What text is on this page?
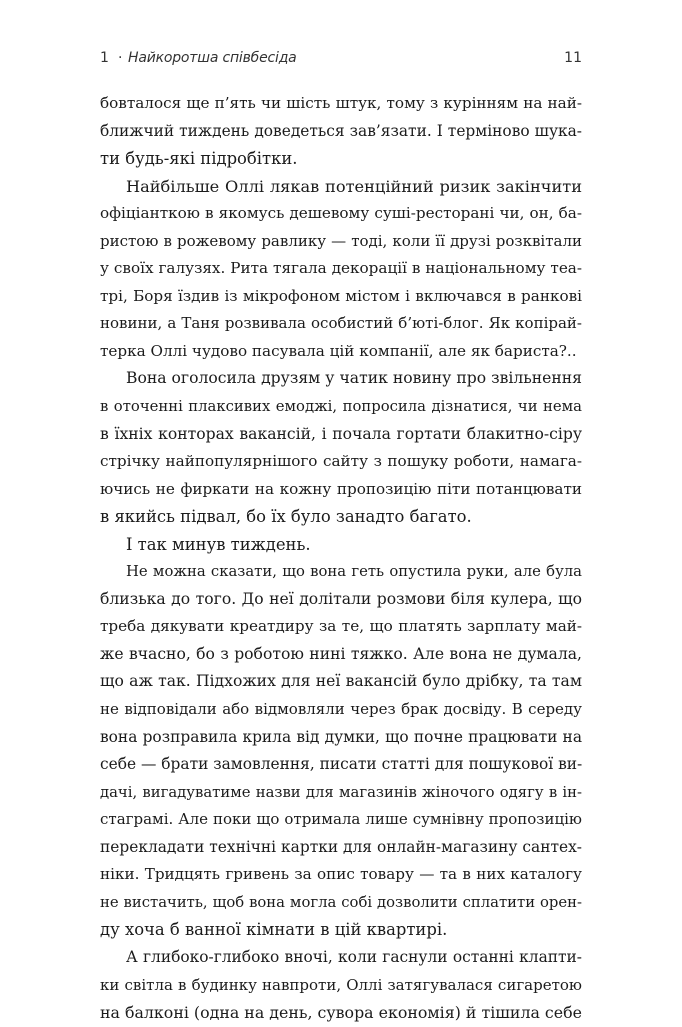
1 · Найкоротша співбесіда	11

бовталося ще п’ять чи шість штук, тому з курінням на най-

ближчий тиждень доведеться зав’язати. І терміново шука-

ти будь-які підробітки.

Найбільше Оллі лякав потенційний ризик закінчити

офіціанткою в якомусь дешевому суші-ресторані чи, он, ба-

ристою в рожевому равлику — тоді, коли її друзі розквітали

у своїх галузях. Рита тягала декорації в національному теа-

трі, Боря їздив із мікрофоном містом і включався в ранкові

новини, а Таня розвивала особистий б’юті-блог. Як копірай-

терка Оллі чудово пасувала цій компанії, але як бариста?..

Вона оголосила друзям у чатик новину про звільнення

в оточенні плаксивих емоджі, попросила дізнатися, чи нема

в їхніх конторах вакансій, і почала гортати блакитно-сіру

стрічку найпопулярнішого сайту з пошуку роботи, намага-

ючись не фиркати на кожну пропозицію піти потанцювати

в якийсь підвал, бо їх було занадто багато.

І так минув тиждень.

Не можна сказати, що вона геть опустила руки, але була

близька до того. До неї долітали розмови біля кулера, що

треба дякувати креатдиру за те, що платять зарплату май-

же вчасно, бо з роботою нині тяжко. Але вона не думала,

що аж так. Підхожих для неї вакансій було дрібку, та там

не відповідали або відмовляли через брак досвіду. В середу

вона розправила крила від думки, що почне працювати на

себе — брати замовлення, писати статті для пошукової ви-

дачі, вигадуватиме назви для магазинів жіночого одягу в ін-

стаграмі. Але поки що отримала лише сумнівну пропозицію

перекладати технічні картки для онлайн-магазину сантех-

ніки. Тридцять гривень за опис товару — та в них каталогу

не вистачить, щоб вона могла собі дозволити сплатити орен-

ду хоча б ванної кімнати в цій квартирі.

А глибоко-глибоко вночі, коли гаснули останні клапти-

ки світла в будинку навпроти, Оллі затягувалася сигаретою

на балконі (одна на день, сувора економія) й тішила себе
